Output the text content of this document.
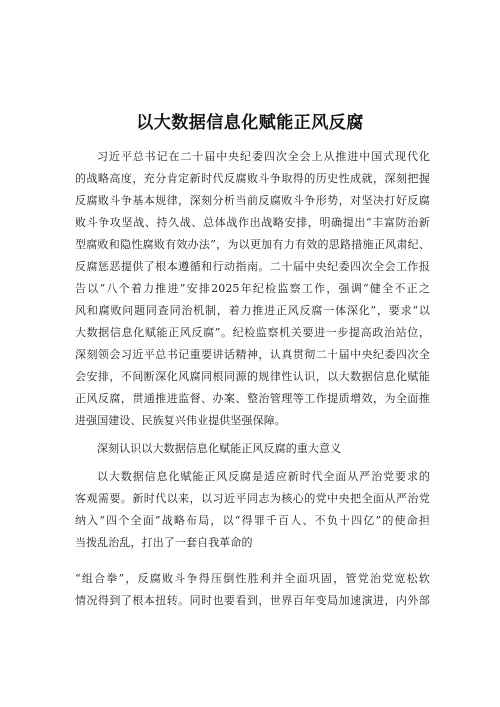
以大数据信息化赋能正风反腐
习近平总书记在二十届中央纪委四次全会上从推进中国式现代化
的战略高度，充分肯定新时代反腐败斗争取得的历史性成就，深刻把握
反腐败斗争基本规律，深刻分析当前反腐败斗争形势，对坚决打好反腐
败斗争攻坚战、持久战、总体战作出战略安排，明确提出“丰富防治新
型腐败和隐性腐败有效办法”，为以更加有力有效的思路措施正风肃纪、
反腐惩恶提供了根本遵循和行动指南。二十届中央纪委四次全会工作报
告以“八个着力推进”安排2025年纪检监察工作，强调“健全不正之
风和腐败问题同查同治机制，着力推进正风反腐一体深化”，要求“以
大数据信息化赋能正风反腐”。纪检监察机关要进一步提高政治站位，
深刻领会习近平总书记重要讲话精神，认真贯彻二十届中央纪委四次全
会安排，不间断深化风腐同根同源的规律性认识，以大数据信息化赋能
正风反腐，贯通推进监督、办案、整治管理等工作提质增效，为全面推
进强国建设、民族复兴伟业提供坚强保障。
深刻认识以大数据信息化赋能正风反腐的重大意义
以大数据信息化赋能正风反腐是适应新时代全面从严治党要求的
客观需要。新时代以来，以习近平同志为核心的党中央把全面从严治党
纳入“四个全面”战略布局，以“得罪千百人、不负十四亿”的使命担
当拨乱治乱，打出了一套自我革命的
“组合拳”，反腐败斗争得压倒性胜利并全面巩固，管党治党宽松软
情况得到了根本扭转。同时也要看到，世界百年变局加速演进，内外部
